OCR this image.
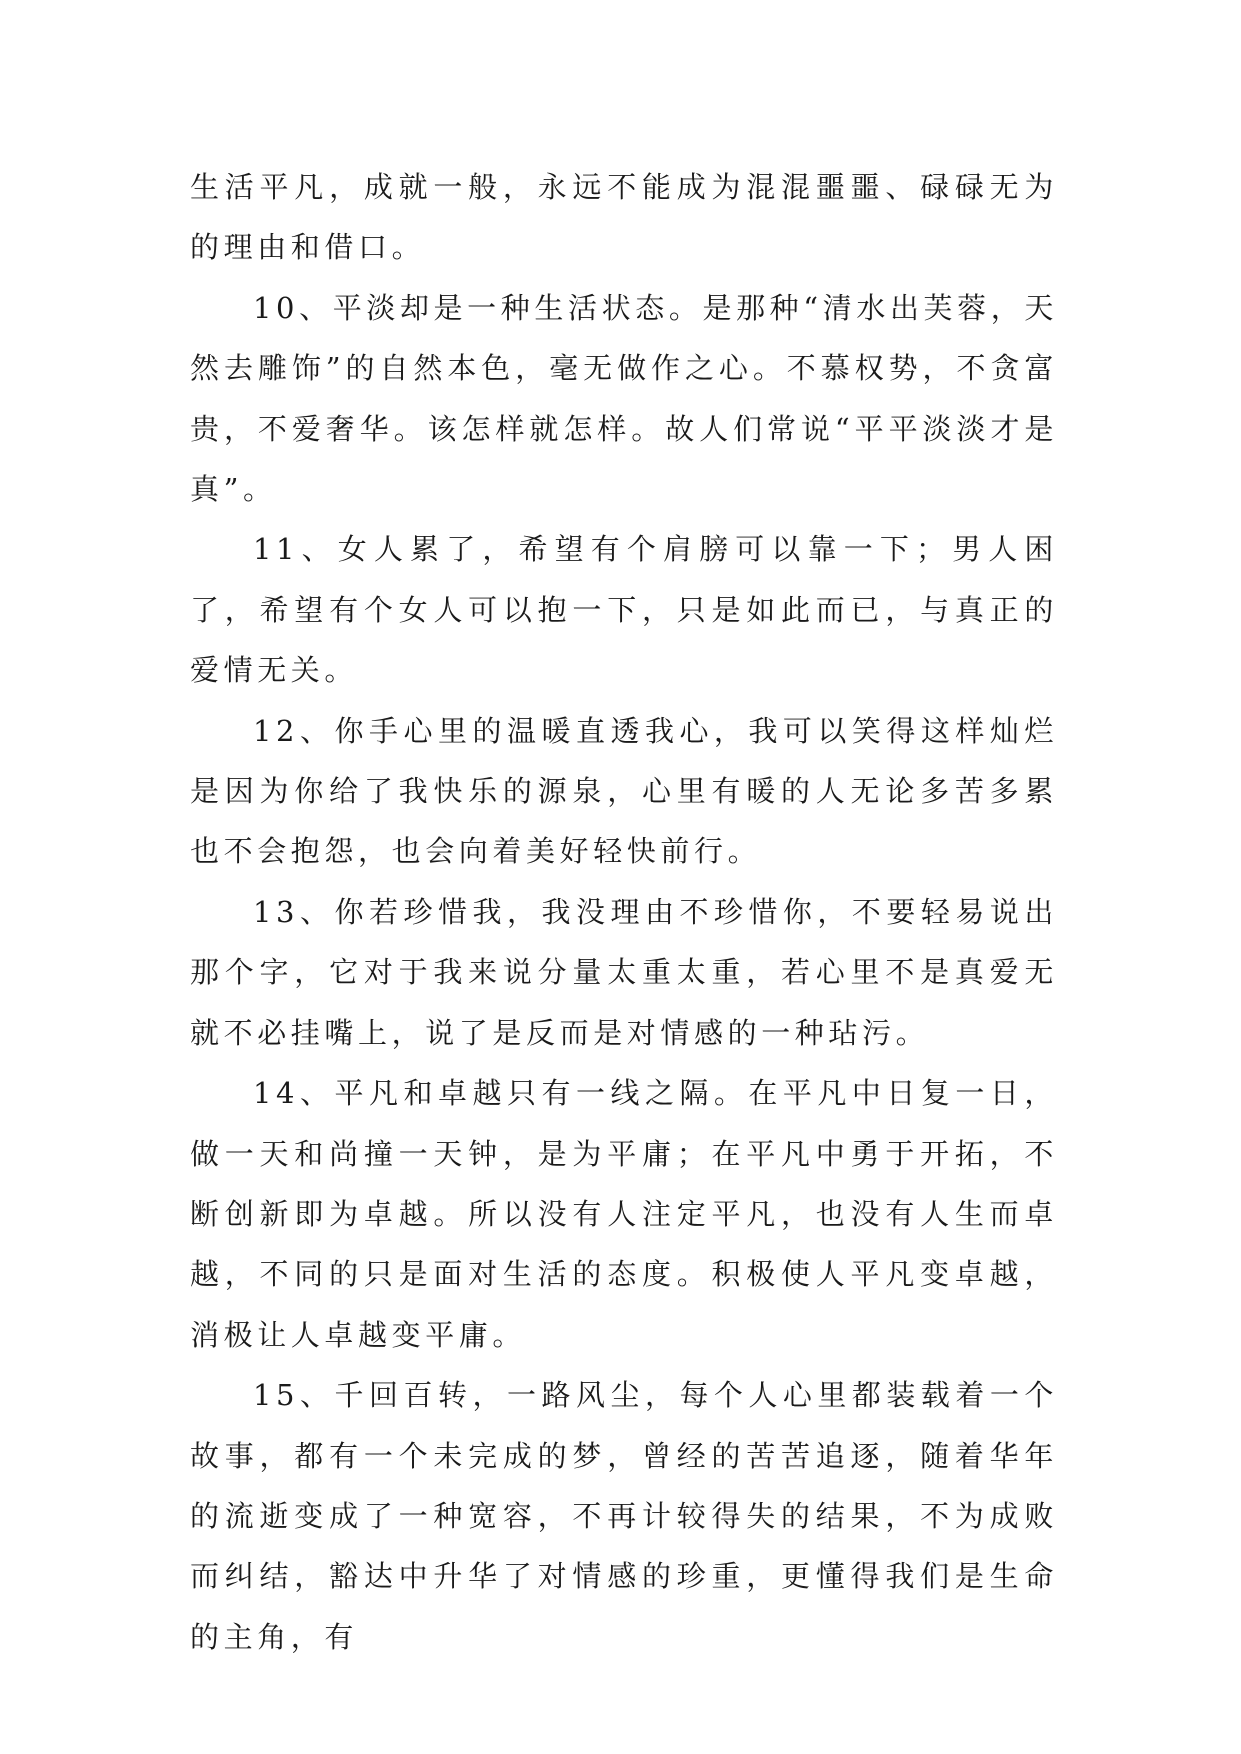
生活平凡，成就一般，永远不能成为混混噩噩、碌碌无为的理由和借口。

10、平淡却是一种生活状态。是那种“清水出芙蓉，天然去雕饰”的自然本色，毫无做作之心。不慕权势，不贪富贵，不爱奢华。该怎样就怎样。故人们常说“平平淡淡才是真”。

11、女人累了，希望有个肩膀可以靠一下；男人困了，希望有个女人可以抱一下，只是如此而已，与真正的爱情无关。

12、你手心里的温暖直透我心，我可以笑得这样灿烂是因为你给了我快乐的源泉，心里有暖的人无论多苦多累也不会抱怨，也会向着美好轻快前行。

13、你若珍惜我，我没理由不珍惜你，不要轻易说出那个字，它对于我来说分量太重太重，若心里不是真爱无就不必挂嘴上，说了是反而是对情感的一种玷污。

14、平凡和卓越只有一线之隔。在平凡中日复一日，做一天和尚撞一天钟，是为平庸；在平凡中勇于开拓，不断创新即为卓越。所以没有人注定平凡，也没有人生而卓越，不同的只是面对生活的态度。积极使人平凡变卓越，消极让人卓越变平庸。

15、千回百转，一路风尘，每个人心里都装载着一个故事，都有一个未完成的梦，曾经的苦苦追逐，随着华年的流逝变成了一种宽容，不再计较得失的结果，不为成败而纠结，豁达中升华了对情感的珍重，更懂得我们是生命的主角，有
